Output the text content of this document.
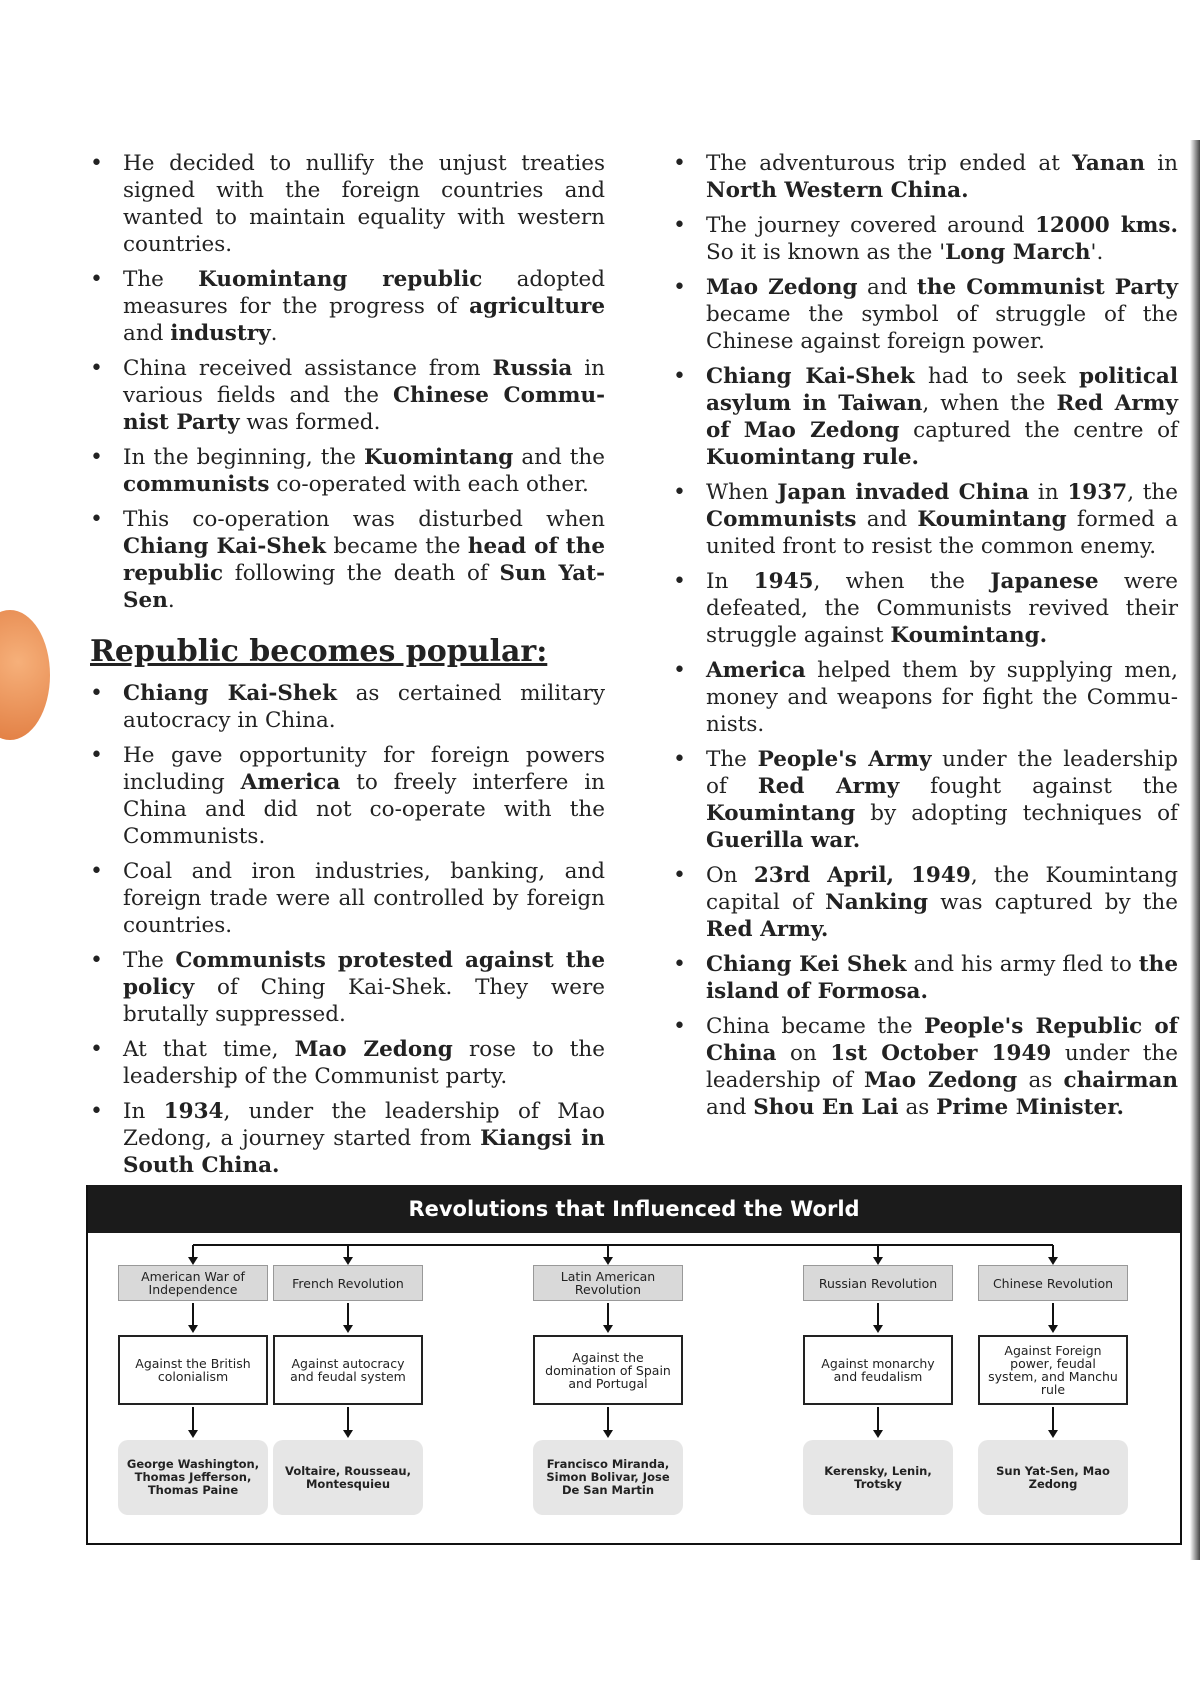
• He decided to nullify the unjust treaties signed with the foreign countries and wanted to maintain equality with western countries.
• The Kuomintang republic adopted measures for the progress of agriculture and industry.
• China received assistance from Russia in various fields and the Chinese Commu-nist Party was formed.
• In the beginning, the Kuomintang and the communists co-operated with each other.
• This co-operation was disturbed when Chiang Kai-Shek became the head of the republic following the death of Sun Yat-Sen.
Republic becomes popular:
• Chiang Kai-Shek as certained military autocracy in China.
• He gave opportunity for foreign powers including America to freely interfere in China and did not co-operate with the Communists.
• Coal and iron industries, banking, and foreign trade were all controlled by foreign countries.
• The Communists protested against the policy of Ching Kai-Shek. They were brutally suppressed.
• At that time, Mao Zedong rose to the leadership of the Communist party.
• In 1934, under the leadership of Mao Zedong, a journey started from Kiangsi in South China.
• The adventurous trip ended at Yanan in North Western China.
• The journey covered around 12000 kms. So it is known as the 'Long March'.
• Mao Zedong and the Communist Party became the symbol of struggle of the Chinese against foreign power.
• Chiang Kai-Shek had to seek political asylum in Taiwan, when the Red Army of Mao Zedong captured the centre of Kuomintang rule.
• When Japan invaded China in 1937, the Communists and Koumintang formed a united front to resist the common enemy.
• In 1945, when the Japanese were defeated, the Communists revived their struggle against Koumintang.
• America helped them by supplying men, money and weapons for fight the Commu-nists.
• The People's Army under the leadership of Red Army fought against the Koumintang by adopting techniques of Guerilla war.
• On 23rd April, 1949, the Koumintang capital of Nanking was captured by the Red Army.
• Chiang Kei Shek and his army fled to the island of Formosa.
• China became the People's Republic of China on 1st October 1949 under the leadership of Mao Zedong as chairman and Shou En Lai as Prime Minister.
Revolutions that Influenced the World
American War of Independence
Against the British colonialism
George Washington, Thomas Jefferson, Thomas Paine
French Revolution
Against autocracy and feudal system
Voltaire, Rousseau, Montesquieu
Latin American Revolution
Against the domination of Spain and Portugal
Francisco Miranda, Simon Bolivar, Jose De San Martin
Russian Revolution
Against monarchy and feudalism
Kerensky, Lenin, Trotsky
Chinese Revolution
Against Foreign power, feudal system, and Manchu rule
Sun Yat-Sen, Mao Zedong
